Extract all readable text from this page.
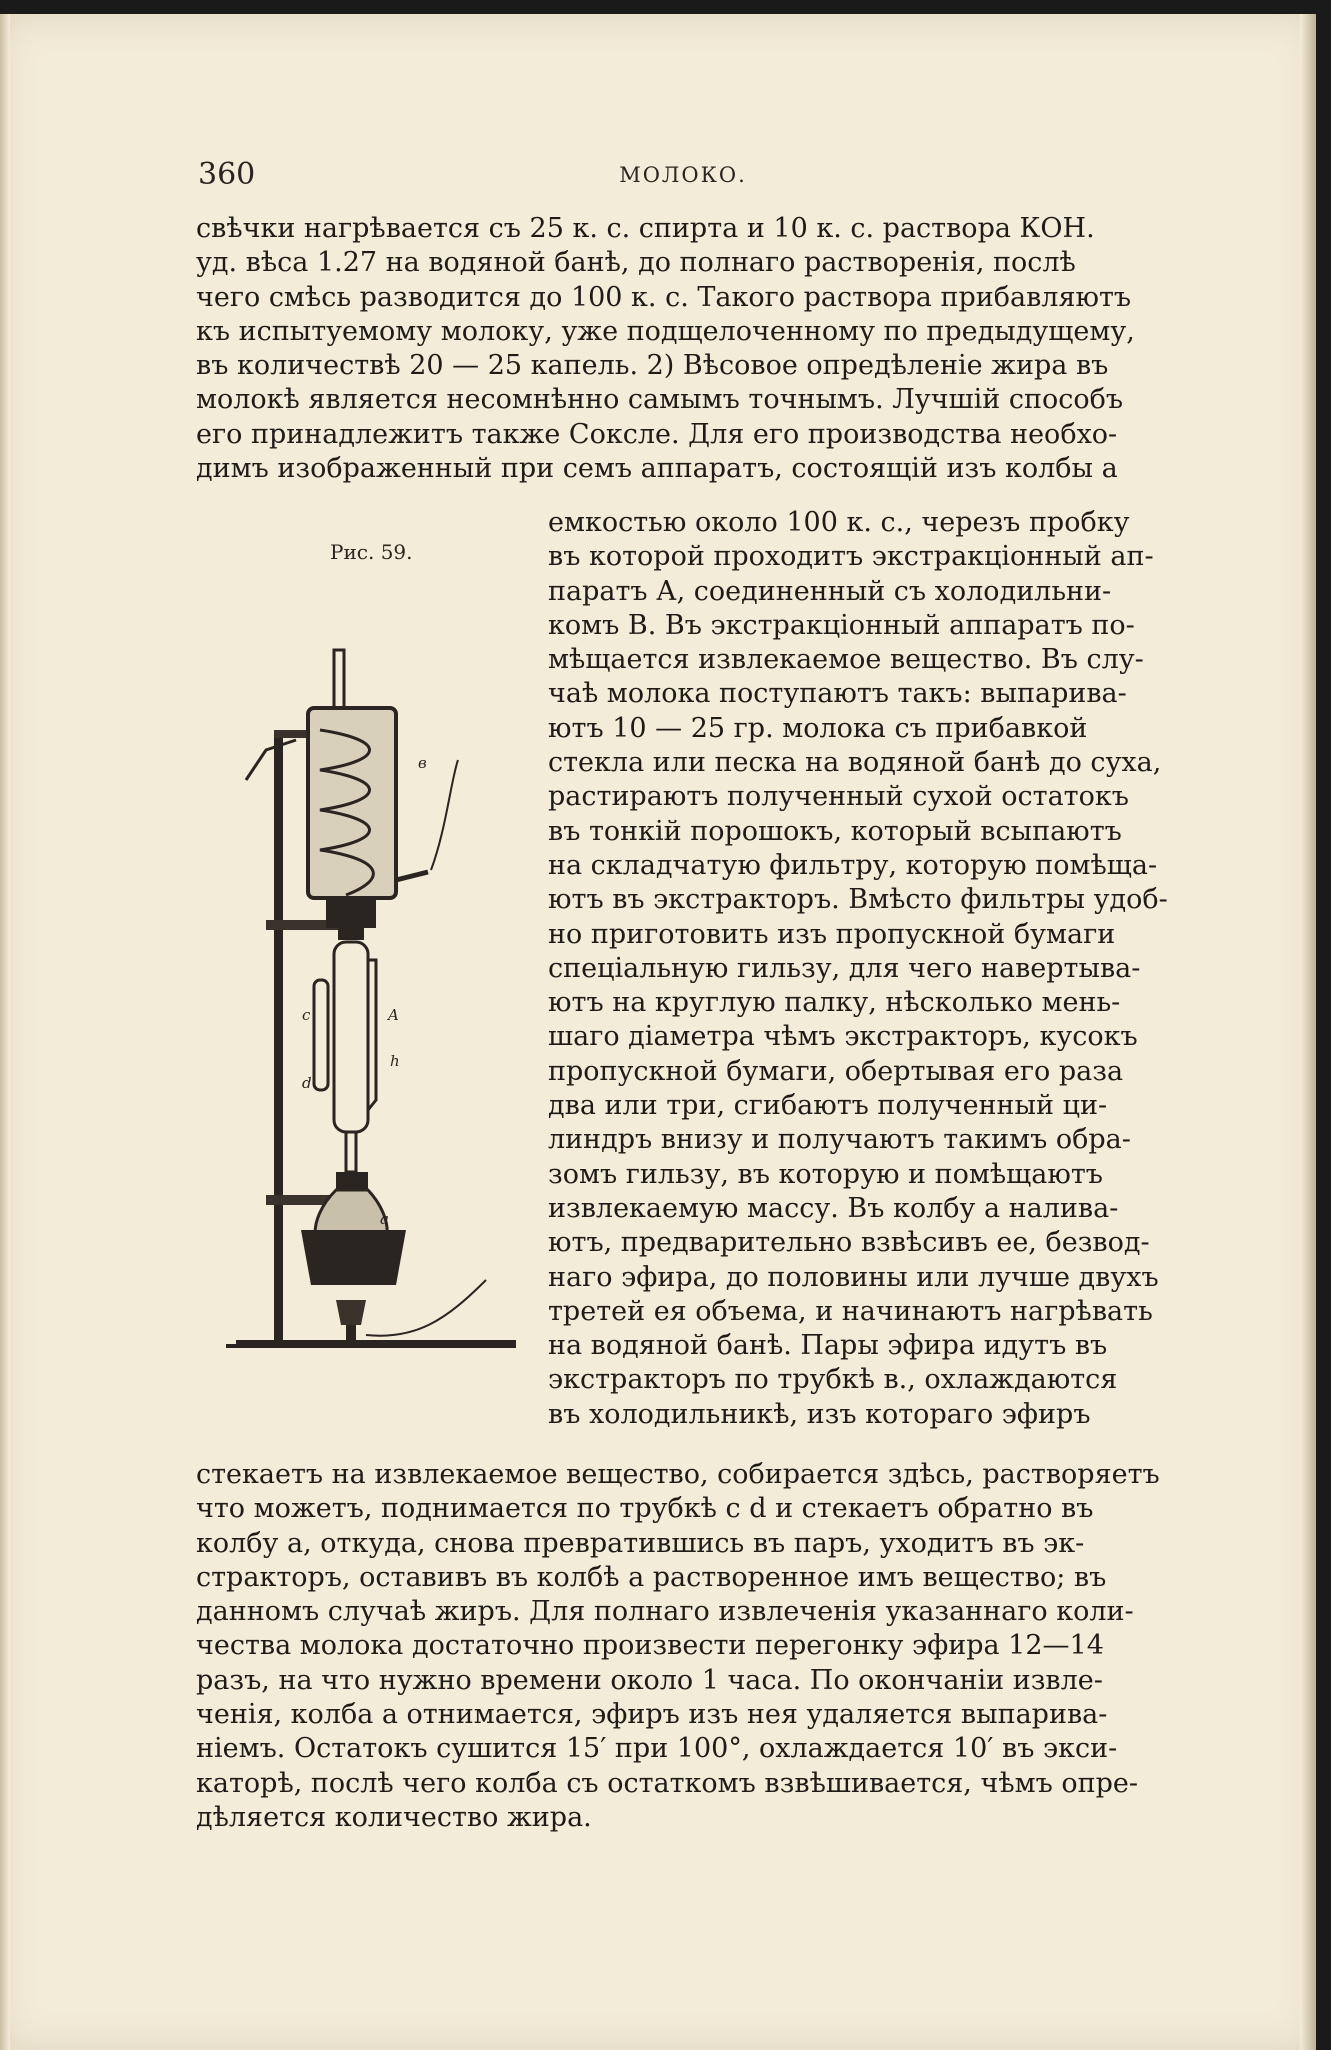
360	МОЛОКО.
свѣчки нагрѣвается съ 25 к. с. спирта и 10 к. с. раствора КОН.
уд. вѣса 1.27 на водяной банѣ, до полнаго растворенія, послѣ
чего смѣсь разводится до 100 к. с. Такого раствора прибавляютъ
къ испытуемому молоку, уже подщелоченному по предыдущему,
въ количествѣ 20 — 25 капель. 2) Вѣсовое опредѣленіе жира въ
молокѣ является несомнѣнно самымъ точнымъ. Лучшій способъ
его принадлежитъ также Сокслe. Для его производства необхо-
димъ изображенный при семъ аппаратъ, состоящій изъ колбы а
Рис. 59.
в
A
c
h
d
a
емкостью около 100 к. с., черезъ пробку
въ которой проходитъ экстракціонный ап-
паратъ А, соединенный съ холодильни-
комъ В. Въ экстракціонный аппаратъ по-
мѣщается извлекаемое вещество. Въ слу-
чаѣ молока поступаютъ такъ: выпарива-
ютъ 10 — 25 гр. молока съ прибавкой
стекла или песка на водяной банѣ до суха,
растираютъ полученный сухой остатокъ
въ тонкій порошокъ, который всыпаютъ
на складчатую фильтру, которую помѣща-
ютъ въ экстракторъ. Вмѣсто фильтры удоб-
но приготовить изъ пропускной бумаги
спеціальную гильзу, для чего навертыва-
ютъ на круглую палку, нѣсколько мень-
шаго діаметра чѣмъ экстракторъ, кусокъ
пропускной бумаги, обертывая его раза
два или три, сгибаютъ полученный ци-
линдръ внизу и получаютъ такимъ обра-
зомъ гильзу, въ которую и помѣщаютъ
извлекаемую массу. Въ колбу а налива-
ютъ, предварительно взвѣсивъ ее, безвод-
наго эфира, до половины или лучше двухъ
третей ея объема, и начинаютъ нагрѣвать
на водяной банѣ. Пары эфира идутъ въ
экстракторъ по трубкѣ в., охлаждаются
въ холодильникѣ, изъ котораго эфиръ
стекаетъ на извлекаемое вещество, собирается здѣсь, растворяетъ
что можетъ, поднимается по трубкѣ c d и стекаетъ обратно въ
колбу а, откуда, снова превратившись въ паръ, уходитъ въ эк-
стракторъ, оставивъ въ колбѣ а растворенное имъ вещество; въ
данномъ случаѣ жиръ. Для полнаго извлеченія указаннаго коли-
чества молока достаточно произвести перегонку эфира 12—14
разъ, на что нужно времени около 1 часа. По окончаніи извле-
ченія, колба а отнимается, эфиръ изъ нея удаляется выпарива-
ніемъ. Остатокъ сушится 15′ при 100°, охлаждается 10′ въ экси-
каторѣ, послѣ чего колба съ остаткомъ взвѣшивается, чѣмъ опре-
дѣляется количество жира.
